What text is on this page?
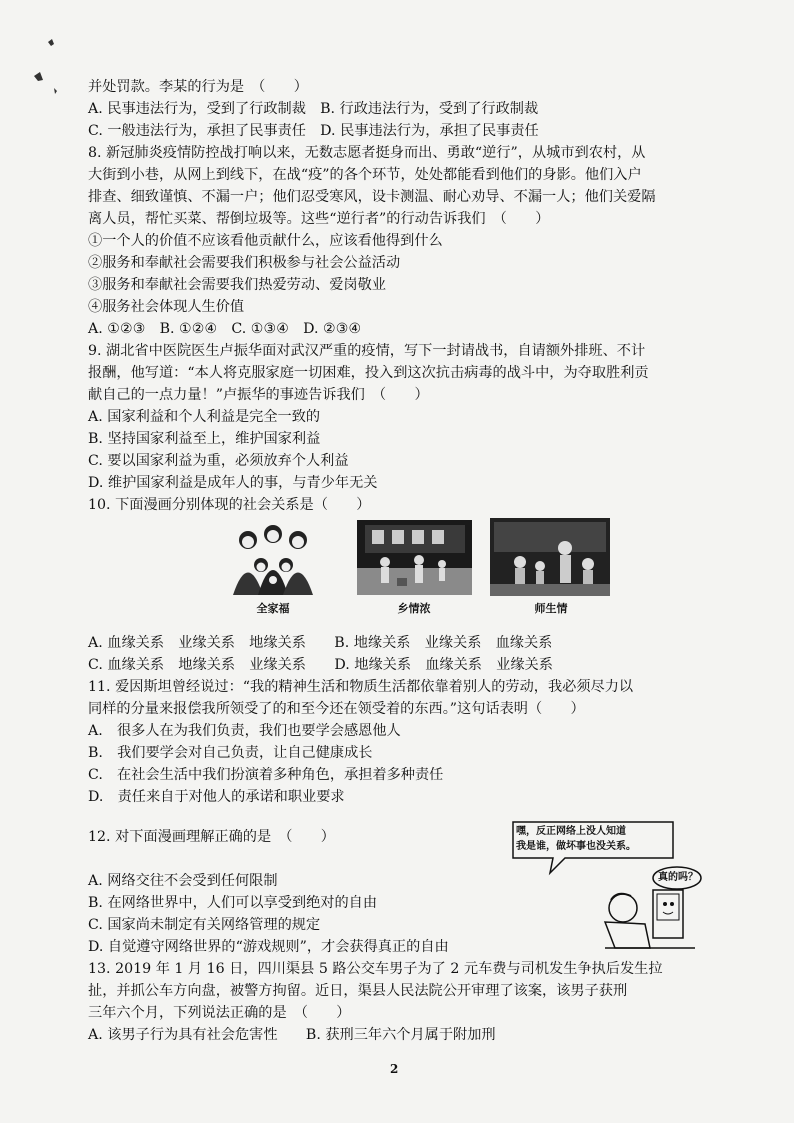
并处罚款。李某的行为是　（　　）
A. 民事违法行为，受到了行政制裁　B. 行政违法行为，受到了行政制裁
C. 一般违法行为，承担了民事责任　D. 民事违法行为，承担了民事责任
8. 新冠肺炎疫情防控战打响以来，无数志愿者挺身而出、勇敢“逆行”，从城市到农村，从
大街到小巷，从网上到线下，在战“疫”的各个环节，处处都能看到他们的身影。他们入户
排查、细致谨慎、不漏一户；他们忍受寒风，设卡测温、耐心劝导、不漏一人；他们关爱隔
离人员，帮忙买菜、帮倒垃圾等。这些“逆行者”的行动告诉我们　（　　）
①一个人的价值不应该看他贡献什么，应该看他得到什么
②服务和奉献社会需要我们积极参与社会公益活动
③服务和奉献社会需要我们热爱劳动、爱岗敬业
④服务社会体现人生价值
A. ①②③　B. ①②④　C. ①③④　D. ②③④
9. 湖北省中医院医生卢振华面对武汉严重的疫情，写下一封请战书，自请额外排班、不计
报酬，他写道：“本人将克服家庭一切困难，投入到这次抗击病毒的战斗中，为夺取胜利贡
献自己的一点力量！”卢振华的事迹告诉我们　（　　）
A. 国家利益和个人利益是完全一致的
B. 坚持国家利益至上，维护国家利益
C. 要以国家利益为重，必须放弃个人利益
D. 维护国家利益是成年人的事，与青少年无关
10. 下面漫画分别体现的社会关系是（　　）
全家福	乡情浓	师生情
A. 血缘关系　业缘关系　地缘关系　　B. 地缘关系　业缘关系　血缘关系
C. 血缘关系　地缘关系　业缘关系　　D. 地缘关系　血缘关系　业缘关系
11. 爱因斯坦曾经说过：“我的精神生活和物质生活都依靠着别人的劳动，我必须尽力以
同样的分量来报偿我所领受了的和至今还在领受着的东西。”这句话表明（　　）
A.　很多人在为我们负责，我们也要学会感恩他人
B.　我们要学会对自己负责，让自己健康成长
C.　在社会生活中我们扮演着多种角色，承担着多种责任
D.　责任来自于对他人的承诺和职业要求
12. 对下面漫画理解正确的是　（　　）	嘿，反正网络上没人知道
我是谁，做坏事也没关系。
真的吗？
A. 网络交往不会受到任何限制
B. 在网络世界中，人们可以享受到绝对的自由
C. 国家尚未制定有关网络管理的规定
D. 自觉遵守网络世界的“游戏规则”，才会获得真正的自由
13. 2019 年 1 月 16 日，四川渠县 5 路公交车男子为了 2 元车费与司机发生争执后发生拉
扯，并抓公车方向盘，被警方拘留。近日，渠县人民法院公开审理了该案，该男子获刑
三年六个月，下列说法正确的是　（　　）
A. 该男子行为具有社会危害性　　B. 获刑三年六个月属于附加刑
2
